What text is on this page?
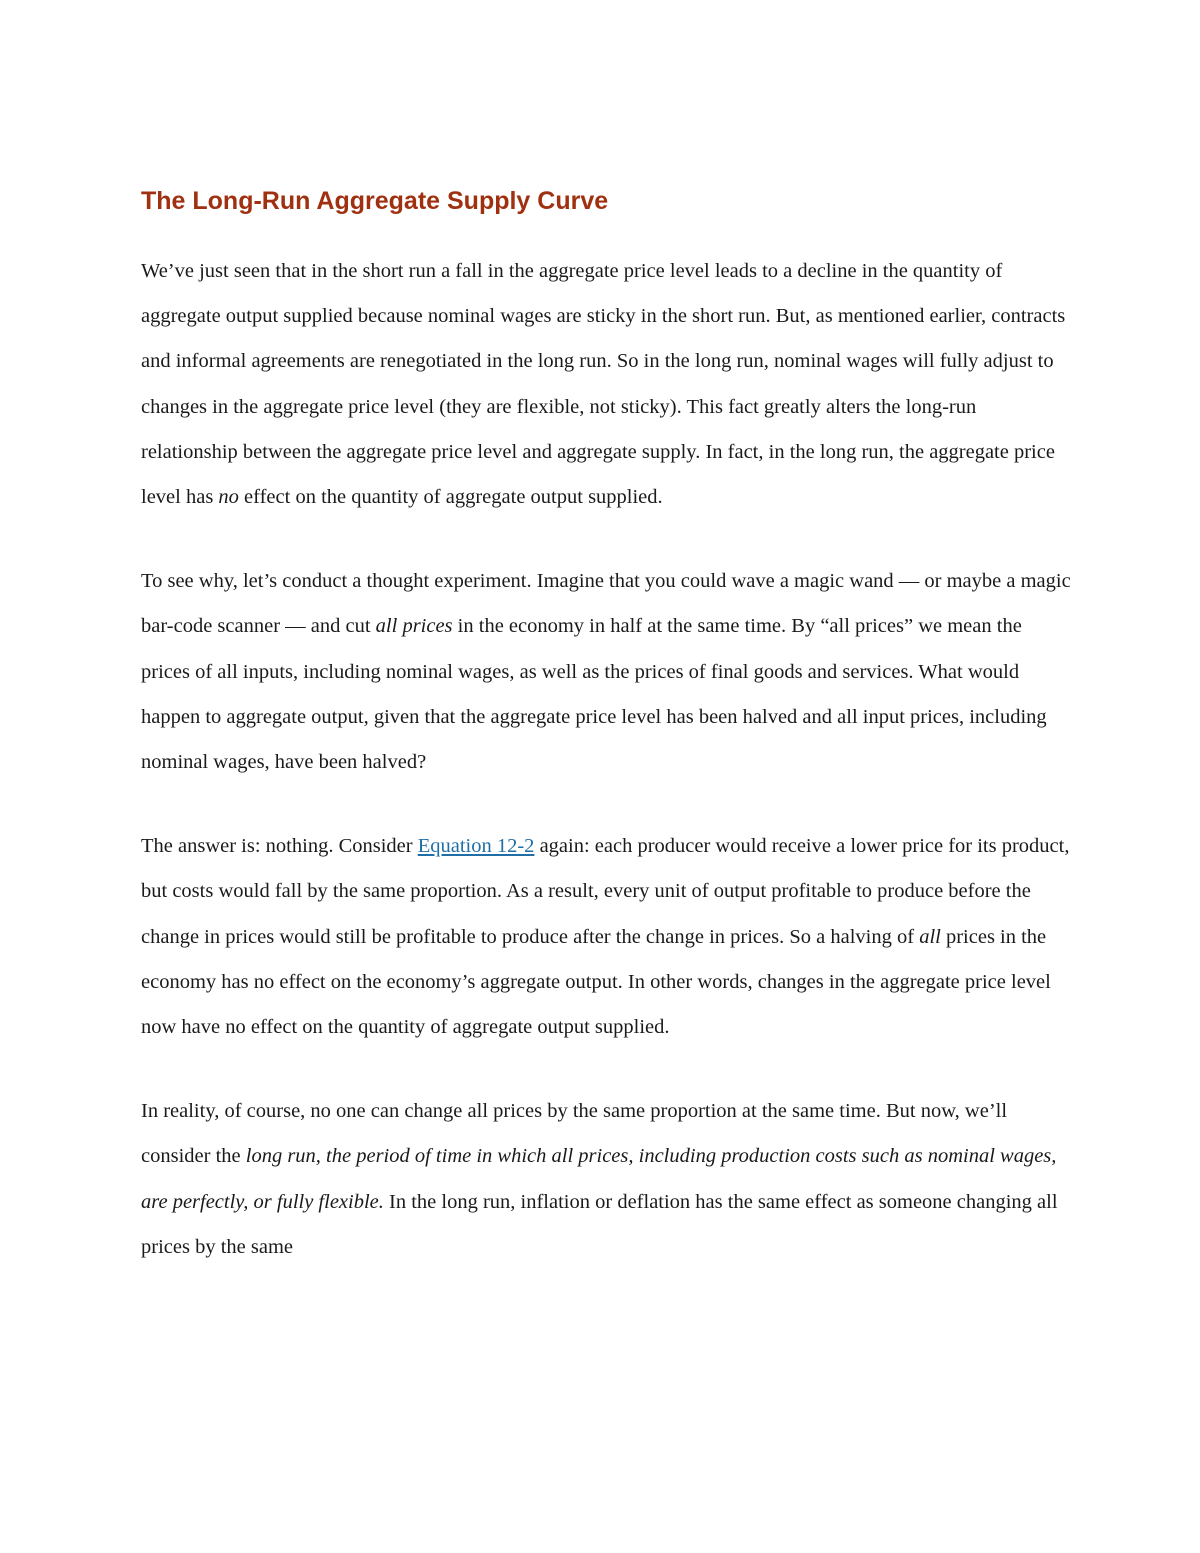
The Long-Run Aggregate Supply Curve

We’ve just seen that in the short run a fall in the aggregate price level leads to a decline in the quantity of aggregate output supplied because nominal wages are sticky in the short run. But, as mentioned earlier, contracts and informal agreements are renegotiated in the long run. So in the long run, nominal wages will fully adjust to changes in the aggregate price level (they are flexible, not sticky). This fact greatly alters the long-run relationship between the aggregate price level and aggregate supply. In fact, in the long run, the aggregate price level has no effect on the quantity of aggregate output supplied.

To see why, let’s conduct a thought experiment. Imagine that you could wave a magic wand — or maybe a magic bar-code scanner — and cut all prices in the economy in half at the same time. By “all prices” we mean the prices of all inputs, including nominal wages, as well as the prices of final goods and services. What would happen to aggregate output, given that the aggregate price level has been halved and all input prices, including nominal wages, have been halved?

The answer is: nothing. Consider Equation 12-2 again: each producer would receive a lower price for its product, but costs would fall by the same proportion. As a result, every unit of output profitable to produce before the change in prices would still be profitable to produce after the change in prices. So a halving of all prices in the economy has no effect on the economy’s aggregate output. In other words, changes in the aggregate price level now have no effect on the quantity of aggregate output supplied.

In reality, of course, no one can change all prices by the same proportion at the same time. But now, we’ll consider the long run, the period of time in which all prices, including production costs such as nominal wages, are perfectly, or fully flexible. In the long run, inflation or deflation has the same effect as someone changing all prices by the same
